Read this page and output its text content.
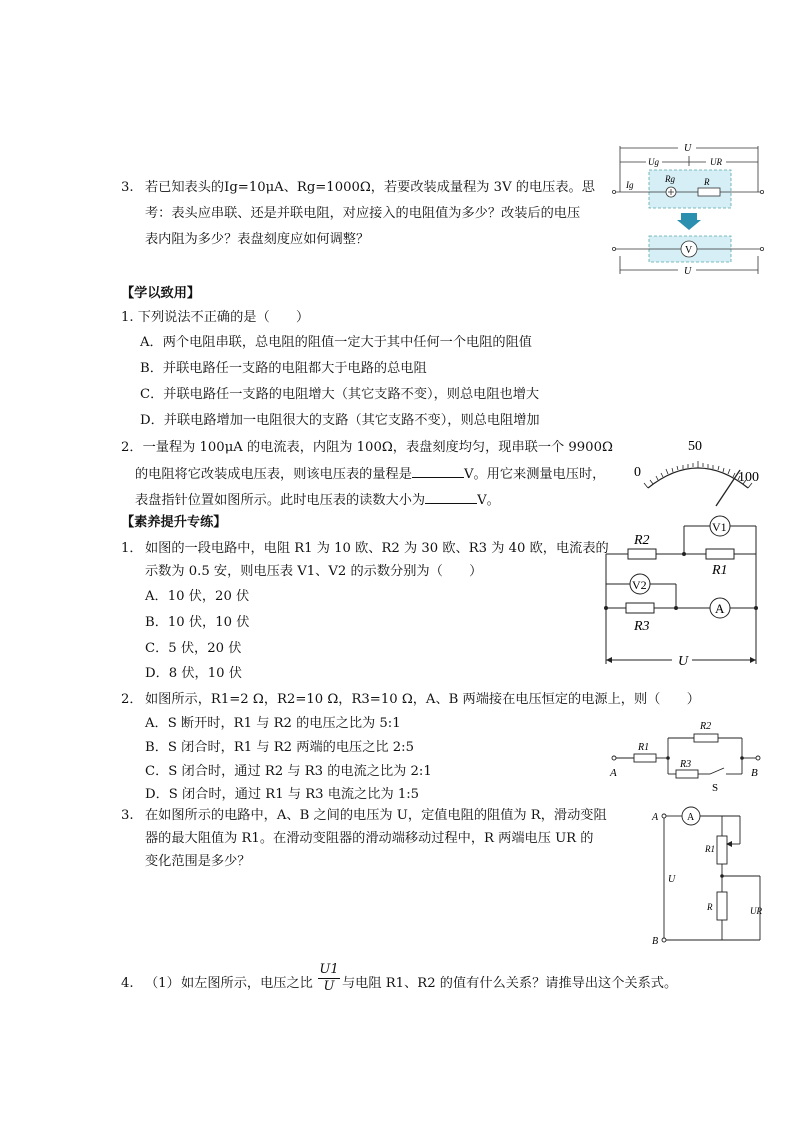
3. 若已知表头的Ig=10μA、Rg=1000Ω，若要改装成量程为 3V 的电压表。思
考：表头应串联、还是并联电阻，对应接入的电阻值为多少？改装后的电压
表内阻为多少？表盘刻度应如何调整？
U
Ug	UR
Ig
Rg	R
V
U
【学以致用】
1. 下列说法不正确的是（　　）
A．两个电阻串联，总电阻的阻值一定大于其中任何一个电阻的阻值
B．并联电路任一支路的电阻都大于电路的总电阻
C．并联电路任一支路的电阻增大（其它支路不变），则总电阻也增大
D．并联电路增加一电阻很大的支路（其它支路不变），则总电阻增加
2．一量程为 100μA 的电流表，内阻为 100Ω，表盘刻度均匀，现串联一个 9900Ω
的电阻将它改装成电压表，则该电压表的量程是	V。用它来测量电压时，
表盘指针位置如图所示。此时电压表的读数大小为	V。
0
50
100
【素养提升专练】
1． 如图的一段电路中，电阻 R1 为 10 欧、R2 为 30 欧、R3 为 40 欧，电流表的
示数为 0.5 安，则电压表 V1、V2 的示数分别为（　　）
A．10 伏，20 伏
B．10 伏，10 伏
C．5 伏，20 伏
D．8 伏，10 伏
R2
R1
R3
V1
V2
A
U
2． 如图所示，R1=2 Ω，R2=10 Ω，R3=10 Ω，A、B 两端接在电压恒定的电源上，则（　　）
A．S 断开时，R1 与 R2 的电压之比为 5:1
B．S 闭合时，R1 与 R2 两端的电压之比 2:5
C．S 闭合时，通过 R2 与 R3 的电流之比为 2:1
D．S 闭合时，通过 R1 与 R3 电流之比为 1:5
R1
R2
R3
A	B
S
3. 在如图所示的电路中，A、B 之间的电压为 U，定值电阻的阻值为 R，滑动变阻
器的最大阻值为 R1。在滑动变阻器的滑动端移动过程中，R 两端电压 UR 的
变化范围是多少？
A
B
U
R1
R	UR
A
4. （1） 如左图所示，电压之比 $\frac{U1}{U}$ 与电阻 R1、R2 的值有什么关系？请推导出这个关系式。
